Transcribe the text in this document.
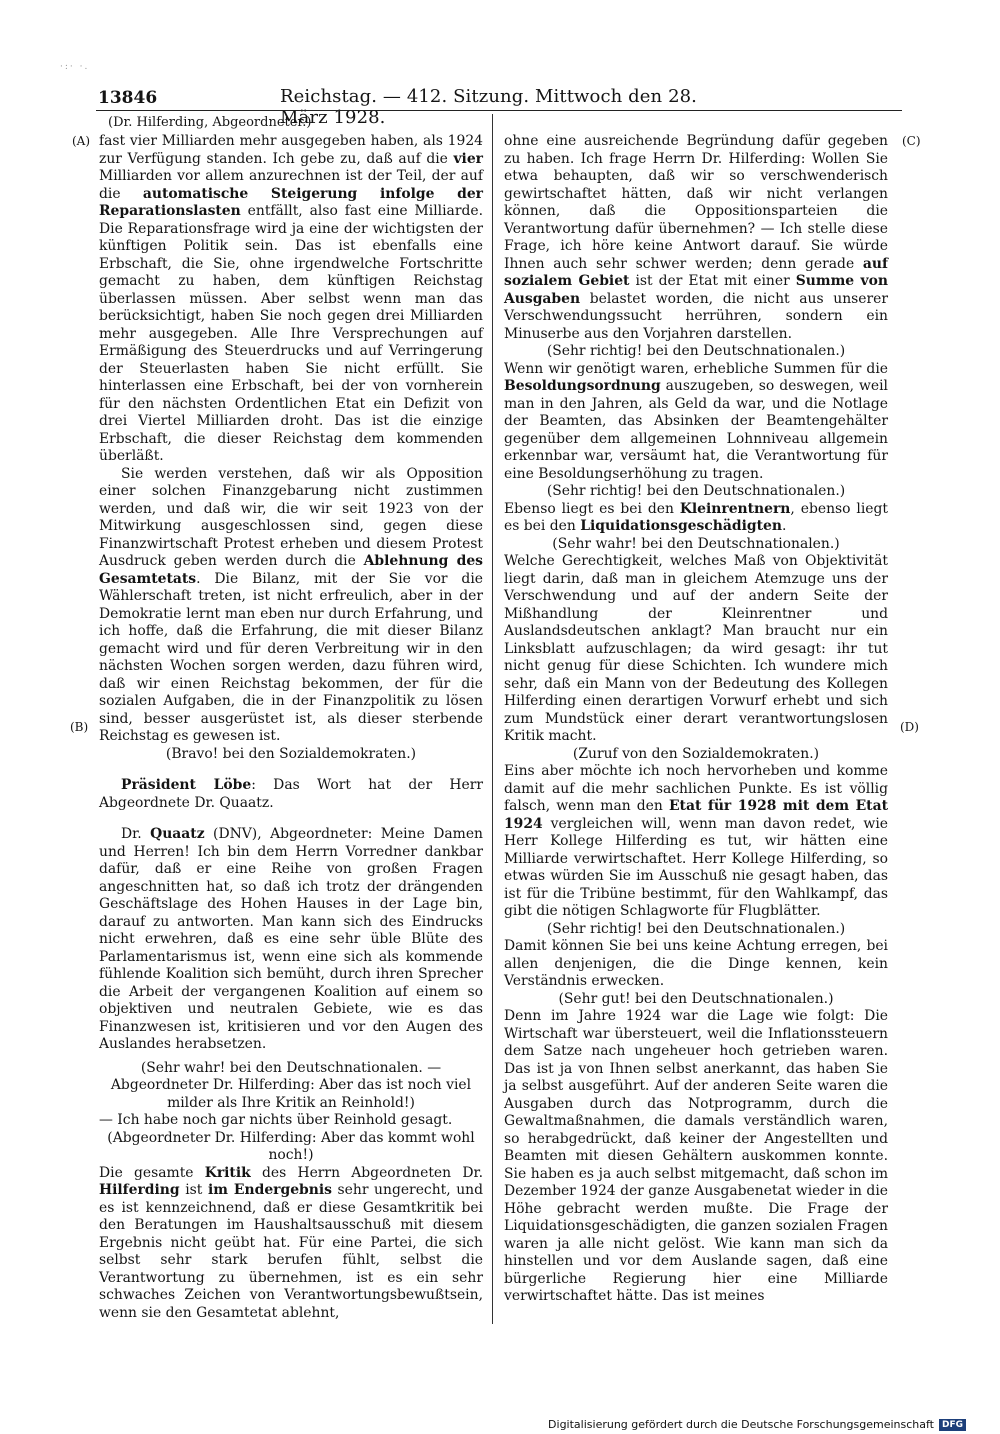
·:· ·.
13846	Reichstag. — 412. Sitzung. Mittwoch den 28. März 1928.
(Dr. Hilferding, Abgeordneter.)
(A)
(B)
(C)
(D)

fast vier Milliarden mehr ausgegeben haben, als 1924 zur Verfügung standen. Ich gebe zu, daß auf die vier Milliarden vor allem anzurechnen ist der Teil, der auf die automatische Steigerung infolge der Reparationslasten entfällt, also fast eine Milliarde. Die Reparationsfrage wird ja eine der wichtigsten der künftigen Politik sein. Das ist ebenfalls eine Erbschaft, die Sie, ohne irgendwelche Fortschritte gemacht zu haben, dem künftigen Reichstag überlassen müssen. Aber selbst wenn man das berücksichtigt, haben Sie noch gegen drei Milliarden mehr ausgegeben. Alle Ihre Versprechungen auf Ermäßigung des Steuerdrucks und auf Verringerung der Steuerlasten haben Sie nicht erfüllt. Sie hinterlassen eine Erbschaft, bei der von vornherein für den nächsten Ordentlichen Etat ein Defizit von drei Viertel Milliarden droht. Das ist die einzige Erbschaft, die dieser Reichstag dem kommenden überläßt.

Sie werden verstehen, daß wir als Opposition einer solchen Finanzgebarung nicht zustimmen werden, und daß wir, die wir seit 1923 von der Mitwirkung ausgeschlossen sind, gegen diese Finanzwirtschaft Protest erheben und diesem Protest Ausdruck geben werden durch die Ablehnung des Gesamtetats. Die Bilanz, mit der Sie vor die Wählerschaft treten, ist nicht erfreulich, aber in der Demokratie lernt man eben nur durch Erfahrung, und ich hoffe, daß die Erfahrung, die mit dieser Bilanz gemacht wird und für deren Verbreitung wir in den nächsten Wochen sorgen werden, dazu führen wird, daß wir einen Reichstag bekommen, der für die sozialen Aufgaben, die in der Finanzpolitik zu lösen sind, besser ausgerüstet ist, als dieser sterbende Reichstag es gewesen ist.

(Bravo! bei den Sozialdemokraten.)

Präsident Löbe: Das Wort hat der Herr Abgeordnete Dr. Quaatz.

Dr. Quaatz (DNV), Abgeordneter: Meine Damen und Herren! Ich bin dem Herrn Vorredner dankbar dafür, daß er eine Reihe von großen Fragen angeschnitten hat, so daß ich trotz der drängenden Geschäftslage des Hohen Hauses in der Lage bin, darauf zu antworten. Man kann sich des Eindrucks nicht erwehren, daß es eine sehr üble Blüte des Parlamentarismus ist, wenn eine sich als kommende fühlende Koalition sich bemüht, durch ihren Sprecher die Arbeit der vergangenen Koalition auf einem so objektiven und neutralen Gebiete, wie es das Finanzwesen ist, kritisieren und vor den Augen des Auslandes herabsetzen.

(Sehr wahr! bei den Deutschnationalen. — Abgeordneter Dr. Hilferding: Aber das ist noch viel milder als Ihre Kritik an Reinhold!)

— Ich habe noch gar nichts über Reinhold gesagt.

(Abgeordneter Dr. Hilferding: Aber das kommt wohl noch!)

Die gesamte Kritik des Herrn Abgeordneten Dr. Hilferding ist im Endergebnis sehr ungerecht, und es ist kennzeichnend, daß er diese Gesamtkritik bei den Beratungen im Haushaltsausschuß mit diesem Ergebnis nicht geübt hat. Für eine Partei, die sich selbst sehr stark berufen fühlt, selbst die Verantwortung zu übernehmen, ist es ein sehr schwaches Zeichen von Verantwortungsbewußtsein, wenn sie den Gesamtetat ablehnt,

ohne eine ausreichende Begründung dafür gegeben zu haben. Ich frage Herrn Dr. Hilferding: Wollen Sie etwa behaupten, daß wir so verschwenderisch gewirtschaftet hätten, daß wir nicht verlangen können, daß die Oppositionsparteien die Verantwortung dafür übernehmen? — Ich stelle diese Frage, ich höre keine Antwort darauf. Sie würde Ihnen auch sehr schwer werden; denn gerade auf sozialem Gebiet ist der Etat mit einer Summe von Ausgaben belastet worden, die nicht aus unserer Verschwendungssucht herrühren, sondern ein Minuserbe aus den Vorjahren darstellen.

(Sehr richtig! bei den Deutschnationalen.)

Wenn wir genötigt waren, erhebliche Summen für die Besoldungsordnung auszugeben, so deswegen, weil man in den Jahren, als Geld da war, und die Notlage der Beamten, das Absinken der Beamtengehälter gegenüber dem allgemeinen Lohnniveau allgemein erkennbar war, versäumt hat, die Verantwortung für eine Besoldungserhöhung zu tragen.

(Sehr richtig! bei den Deutschnationalen.)

Ebenso liegt es bei den Kleinrentnern, ebenso liegt es bei den Liquidationsgeschädigten.

(Sehr wahr! bei den Deutschnationalen.)

Welche Gerechtigkeit, welches Maß von Objektivität liegt darin, daß man in gleichem Atemzuge uns der Verschwendung und auf der andern Seite der Mißhandlung der Kleinrentner und Auslandsdeutschen anklagt? Man braucht nur ein Linksblatt aufzuschlagen; da wird gesagt: ihr tut nicht genug für diese Schichten. Ich wundere mich sehr, daß ein Mann von der Bedeutung des Kollegen Hilferding einen derartigen Vorwurf erhebt und sich zum Mundstück einer derart verantwortungslosen Kritik macht.

(Zuruf von den Sozialdemokraten.)

Eins aber möchte ich noch hervorheben und komme damit auf die mehr sachlichen Punkte. Es ist völlig falsch, wenn man den Etat für 1928 mit dem Etat 1924 vergleichen will, wenn man davon redet, wie Herr Kollege Hilferding es tut, wir hätten eine Milliarde verwirtschaftet. Herr Kollege Hilferding, so etwas würden Sie im Ausschuß nie gesagt haben, das ist für die Tribüne bestimmt, für den Wahlkampf, das gibt die nötigen Schlagworte für Flugblätter.

(Sehr richtig! bei den Deutschnationalen.)

Damit können Sie bei uns keine Achtung erregen, bei allen denjenigen, die die Dinge kennen, kein Verständnis erwecken.

(Sehr gut! bei den Deutschnationalen.)

Denn im Jahre 1924 war die Lage wie folgt: Die Wirtschaft war übersteuert, weil die Inflationssteuern dem Satze nach ungeheuer hoch getrieben waren. Das ist ja von Ihnen selbst anerkannt, das haben Sie ja selbst ausgeführt. Auf der anderen Seite waren die Ausgaben durch das Notprogramm, durch die Gewaltmaßnahmen, die damals verständlich waren, so herabgedrückt, daß keiner der Angestellten und Beamten mit diesen Gehältern auskommen konnte. Sie haben es ja auch selbst mitgemacht, daß schon im Dezember 1924 der ganze Ausgabenetat wieder in die Höhe gebracht werden mußte. Die Frage der Liquidationsgeschädigten, die ganzen sozialen Fragen waren ja alle nicht gelöst. Wie kann man sich da hinstellen und vor dem Auslande sagen, daß eine bürgerliche Regierung hier eine Milliarde verwirtschaftet hätte. Das ist meines

Digitalisierung gefördert durch die Deutsche Forschungsgemeinschaft DFG
